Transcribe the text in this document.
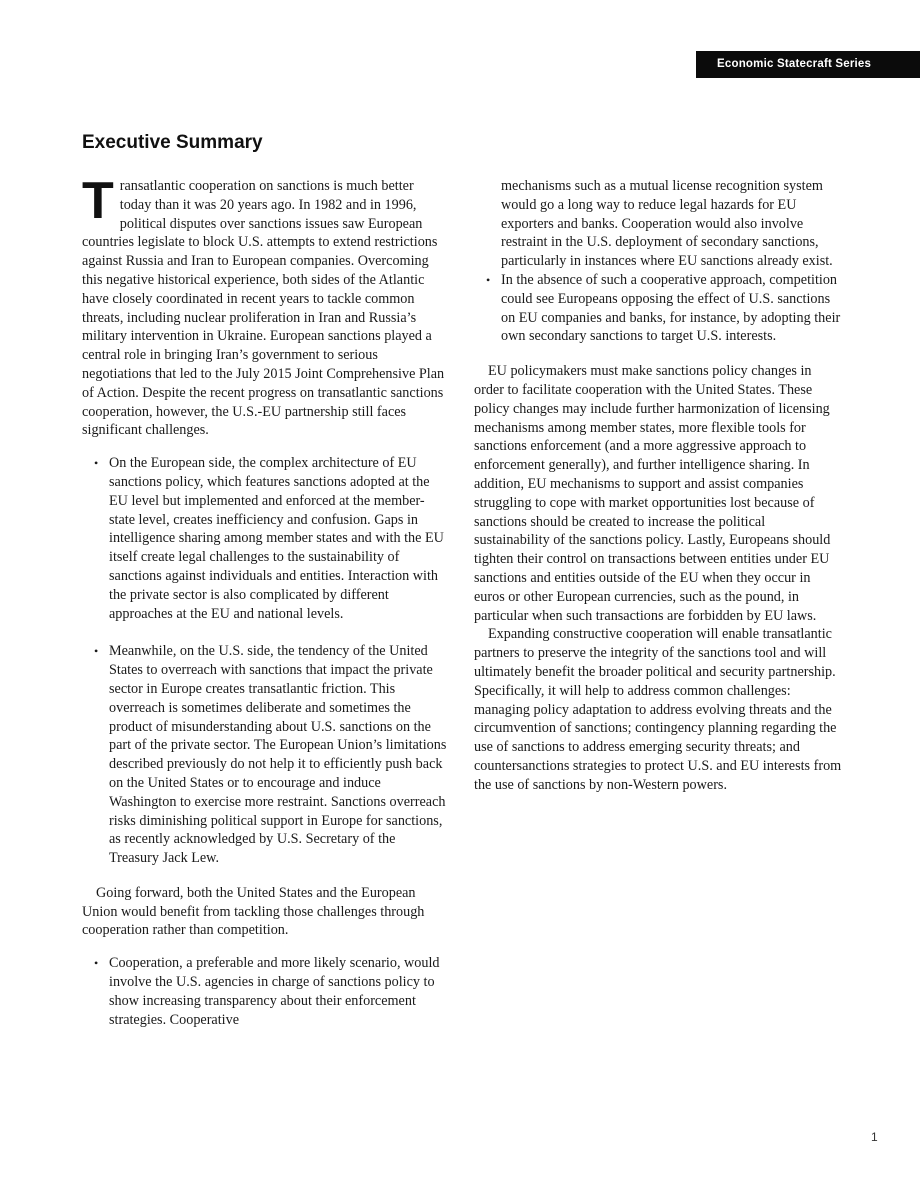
Economic Statecraft Series
Executive Summary

Transatlantic cooperation on sanctions is much better today than it was 20 years ago. In 1982 and in 1996, political disputes over sanctions issues saw European countries legislate to block U.S. attempts to extend restrictions against Russia and Iran to European companies. Overcoming this negative historical experience, both sides of the Atlantic have closely coordinated in recent years to tackle common threats, including nuclear proliferation in Iran and Russia’s military intervention in Ukraine. European sanctions played a central role in bringing Iran’s government to serious negotiations that led to the July 2015 Joint Comprehensive Plan of Action. Despite the recent progress on transatlantic sanctions cooperation, however, the U.S.-EU partnership still faces significant challenges.

• On the European side, the complex architecture of EU sanctions policy, which features sanctions adopted at the EU level but implemented and enforced at the member-state level, creates inefficiency and confusion. Gaps in intelligence sharing among member states and with the EU itself create legal challenges to the sustainability of sanctions against individuals and entities. Interaction with the private sector is also complicated by different approaches at the EU and national levels.
• Meanwhile, on the U.S. side, the tendency of the United States to overreach with sanctions that impact the private sector in Europe creates transatlantic friction. This overreach is sometimes deliberate and sometimes the product of misunderstanding about U.S. sanctions on the part of the private sector. The European Union’s limitations described previously do not help it to efficiently push back on the United States or to encourage and induce Washington to exercise more restraint. Sanctions overreach risks diminishing political support in Europe for sanctions, as recently acknowledged by U.S. Secretary of the Treasury Jack Lew.

Going forward, both the United States and the European Union would benefit from tackling those challenges through cooperation rather than competition.

• Cooperation, a preferable and more likely scenario, would involve the U.S. agencies in charge of sanctions policy to show increasing transparency about their enforcement strategies. Cooperative

mechanisms such as a mutual license recognition system would go a long way to reduce legal hazards for EU exporters and banks. Cooperation would also involve restraint in the U.S. deployment of secondary sanctions, particularly in instances where EU sanctions already exist.

• In the absence of such a cooperative approach, competition could see Europeans opposing the effect of U.S. sanctions on EU companies and banks, for instance, by adopting their own secondary sanctions to target U.S. interests.

EU policymakers must make sanctions policy changes in order to facilitate cooperation with the United States. These policy changes may include further harmonization of licensing mechanisms among member states, more flexible tools for sanctions enforcement (and a more aggressive approach to enforcement generally), and further intelligence sharing. In addition, EU mechanisms to support and assist companies struggling to cope with market opportunities lost because of sanctions should be created to increase the political sustainability of the sanctions policy. Lastly, Europeans should tighten their control on transactions between entities under EU sanctions and entities outside of the EU when they occur in euros or other European currencies, such as the pound, in particular when such transactions are forbidden by EU laws.

Expanding constructive cooperation will enable transatlantic partners to preserve the integrity of the sanctions tool and will ultimately benefit the broader political and security partnership. Specifically, it will help to address common challenges: managing policy adaptation to address evolving threats and the circumvention of sanctions; contingency planning regarding the use of sanctions to address emerging security threats; and countersanctions strategies to protect U.S. and EU interests from the use of sanctions by non-Western powers.

1
